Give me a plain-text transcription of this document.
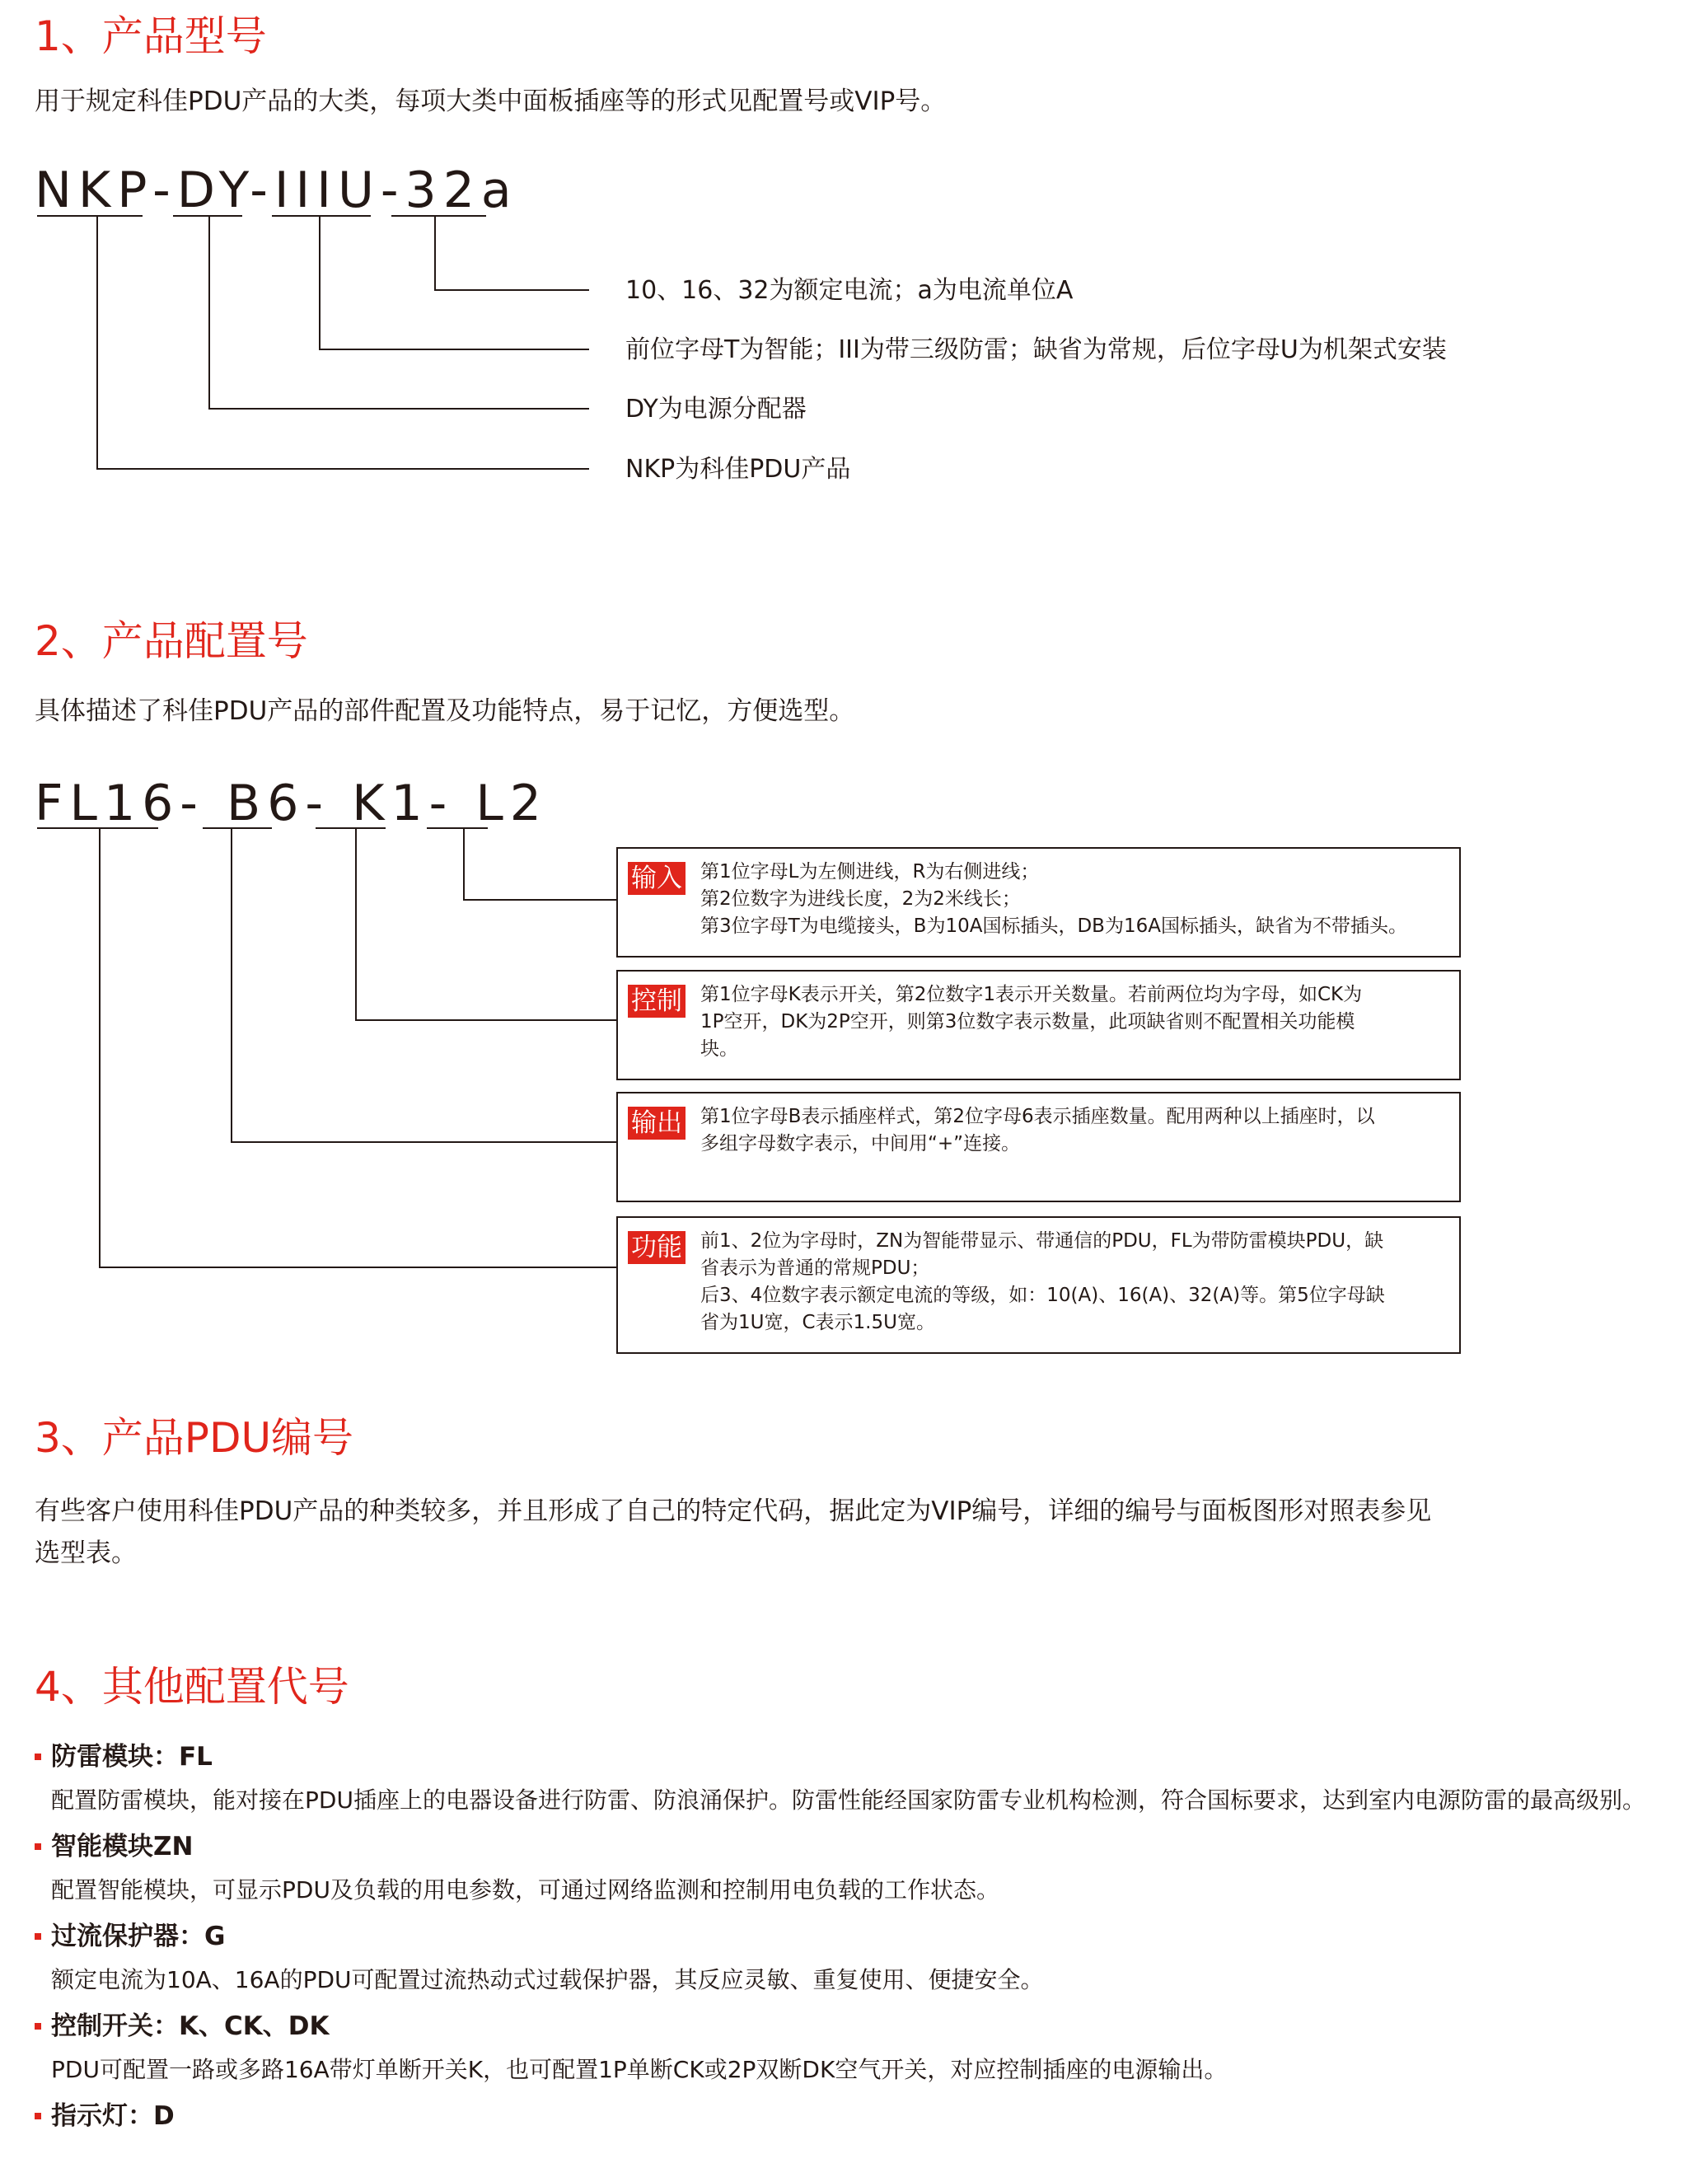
1、产品型号
用于规定科佳PDU产品的大类，每项大类中面板插座等的形式见配置号或VIP号。
NKP-DY-IIIU-32a
10、16、32为额定电流；a为电流单位A
前位字母T为智能；III为带三级防雷；缺省为常规，后位字母U为机架式安装
DY为电源分配器
NKP为科佳PDU产品
2、产品配置号
具体描述了科佳PDU产品的部件配置及功能特点，易于记忆，方便选型。
FL16- B6- K1- L2
输入 第1位字母L为左侧进线，R为右侧进线；
第2位数字为进线长度，2为2米线长；
第3位字母T为电缆接头，B为10A国标插头，DB为16A国标插头，缺省为不带插头。
控制 第1位字母K表示开关，第2位数字1表示开关数量。若前两位均为字母，如CK为
1P空开，DK为2P空开，则第3位数字表示数量，此项缺省则不配置相关功能模
块。
输出 第1位字母B表示插座样式，第2位字母6表示插座数量。配用两种以上插座时，以
多组字母数字表示，中间用“+”连接。
功能 前1、2位为字母时，ZN为智能带显示、带通信的PDU，FL为带防雷模块PDU，缺
省表示为普通的常规PDU；
后3、4位数字表示额定电流的等级，如：10(A)、16(A)、32(A)等。第5位字母缺
省为1U宽，C表示1.5U宽。
3、产品PDU编号
有些客户使用科佳PDU产品的种类较多，并且形成了自己的特定代码，据此定为VIP编号，详细的编号与面板图形对照表参见
选型表。
4、其他配置代号
防雷模块：FL
配置防雷模块，能对接在PDU插座上的电器设备进行防雷、防浪涌保护。防雷性能经国家防雷专业机构检测，符合国标要求，达到室内电源防雷的最高级别。
智能模块ZN
配置智能模块，可显示PDU及负载的用电参数，可通过网络监测和控制用电负载的工作状态。
过流保护器：G
额定电流为10A、16A的PDU可配置过流热动式过载保护器，其反应灵敏、重复使用、便捷安全。
控制开关：K、CK、DK
PDU可配置一路或多路16A带灯单断开关K，也可配置1P单断CK或2P双断DK空气开关，对应控制插座的电源输出。
指示灯：D
